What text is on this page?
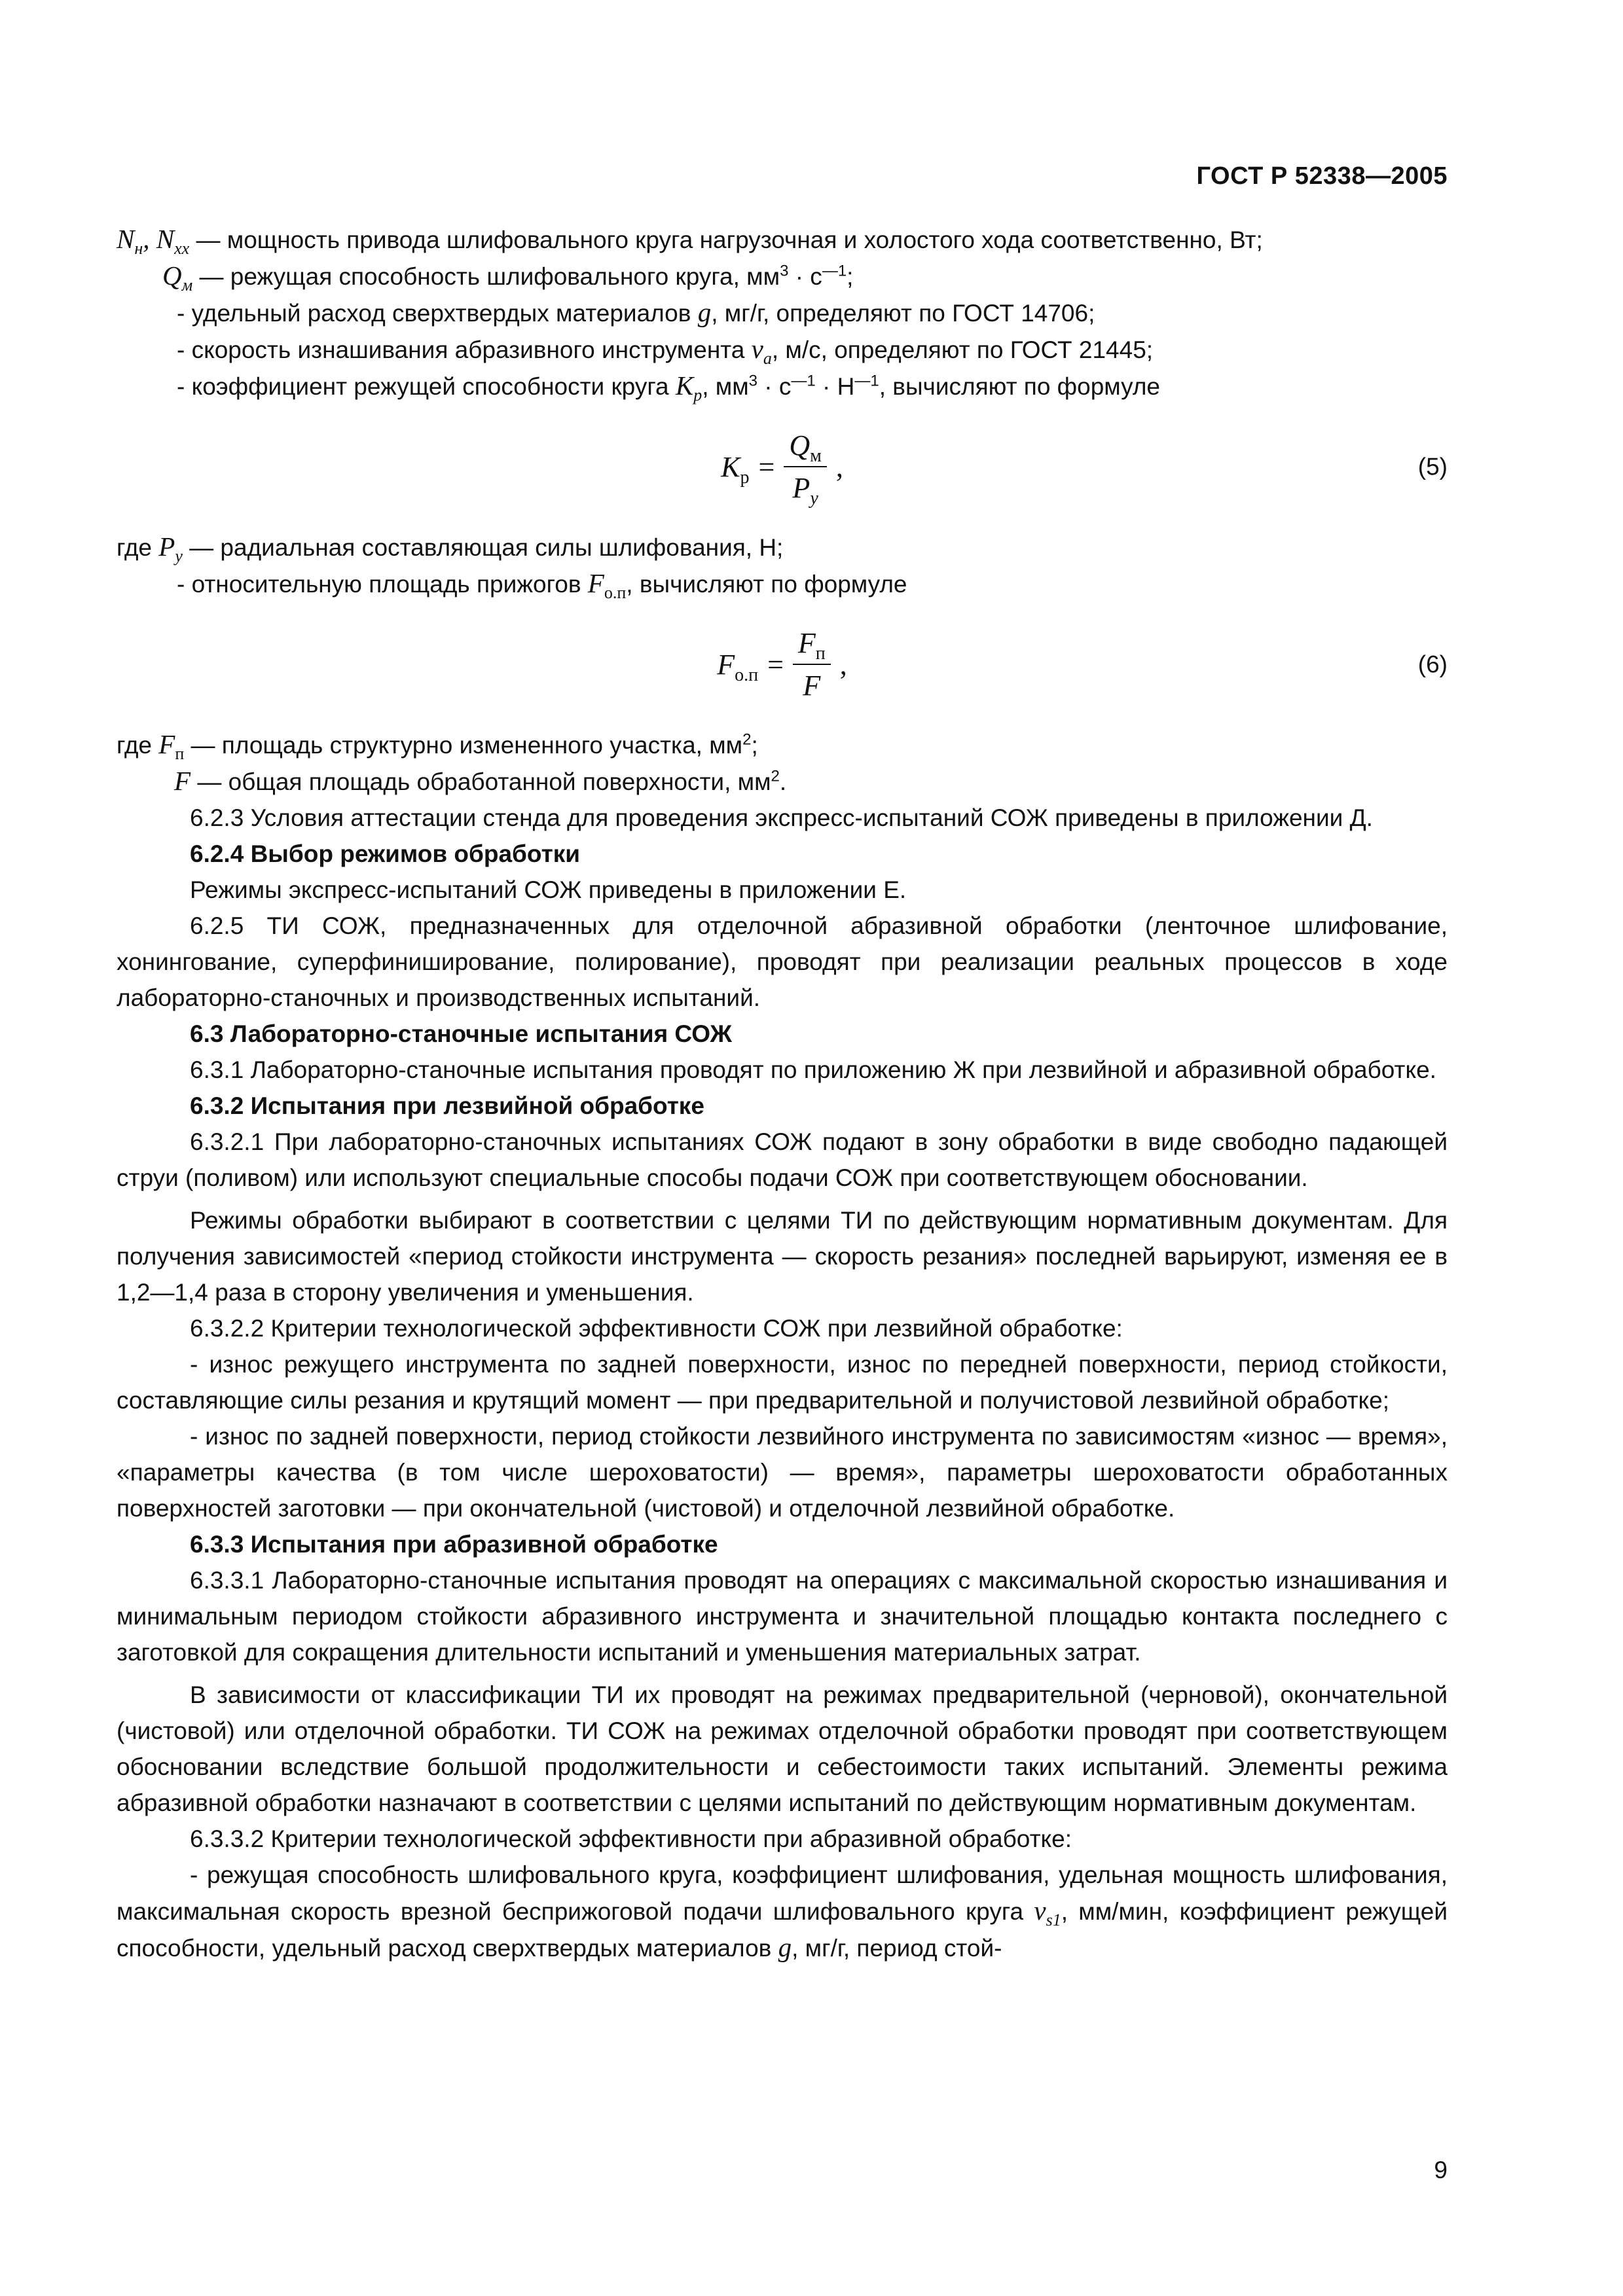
ГОСТ Р 52338—2005

$N_н$, $N_{хх}$ — мощность привода шлифовального круга нагрузочная и холостого хода соответственно, Вт;

$Q_м$ — режущая способность шлифовального круга, $мм^3 \cdot с^{—1}$;

- удельный расход сверхтвердых материалов g, мг/г, определяют по ГОСТ 14706;

- скорость изнашивания абразивного инструмента $v_а$, м/с, определяют по ГОСТ 21445;

- коэффициент режущей способности круга $K_р$, $мм^3 \cdot с^{—1} \cdot Н^{—1}$, вычисляют по формуле

$K_р = \frac{Q_м}{P_y}$ ,	(5)

где $P_y$ — радиальная составляющая силы шлифования, Н;

- относительную площадь прижогов $F_{о.п}$, вычисляют по формуле

$F_{о.п} = \frac{F_п}{F}$ ,	(6)

где $F_п$ — площадь структурно измененного участка, $мм^2$;

F — общая площадь обработанной поверхности, $мм^2$.

6.2.3 Условия аттестации стенда для проведения экспресс-испытаний СОЖ приведены в приложении Д.

6.2.4 Выбор режимов обработки

Режимы экспресс-испытаний СОЖ приведены в приложении Е.

6.2.5 ТИ СОЖ, предназначенных для отделочной абразивной обработки (ленточное шлифование, хонингование, суперфиниширование, полирование), проводят при реализации реальных процессов в ходе лабораторно-станочных и производственных испытаний.

6.3 Лабораторно-станочные испытания СОЖ

6.3.1 Лабораторно-станочные испытания проводят по приложению Ж при лезвийной и абразивной обработке.

6.3.2 Испытания при лезвийной обработке

6.3.2.1 При лабораторно-станочных испытаниях СОЖ подают в зону обработки в виде свободно падающей струи (поливом) или используют специальные способы подачи СОЖ при соответствующем обосновании.

Режимы обработки выбирают в соответствии с целями ТИ по действующим нормативным документам. Для получения зависимостей «период стойкости инструмента — скорость резания» последней варьируют, изменяя ее в 1,2—1,4 раза в сторону увеличения и уменьшения.

6.3.2.2 Критерии технологической эффективности СОЖ при лезвийной обработке:

- износ режущего инструмента по задней поверхности, износ по передней поверхности, период стойкости, составляющие силы резания и крутящий момент — при предварительной и получистовой лезвийной обработке;

- износ по задней поверхности, период стойкости лезвийного инструмента по зависимостям «износ — время», «параметры качества (в том числе шероховатости) — время», параметры шероховатости обработанных поверхностей заготовки — при окончательной (чистовой) и отделочной лезвийной обработке.

6.3.3 Испытания при абразивной обработке

6.3.3.1 Лабораторно-станочные испытания проводят на операциях с максимальной скоростью изнашивания и минимальным периодом стойкости абразивного инструмента и значительной площадью контакта последнего с заготовкой для сокращения длительности испытаний и уменьшения материальных затрат.

В зависимости от классификации ТИ их проводят на режимах предварительной (черновой), окончательной (чистовой) или отделочной обработки. ТИ СОЖ на режимах отделочной обработки проводят при соответствующем обосновании вследствие большой продолжительности и себестоимости таких испытаний. Элементы режима абразивной обработки назначают в соответствии с целями испытаний по действующим нормативным документам.

6.3.3.2 Критерии технологической эффективности при абразивной обработке:

- режущая способность шлифовального круга, коэффициент шлифования, удельная мощность шлифования, максимальная скорость врезной беcприжоговой подачи шлифовального круга $v_{s1}$, мм/мин, коэффициент режущей способности, удельный расход сверхтвердых материалов g, мг/г, период стой-

9
